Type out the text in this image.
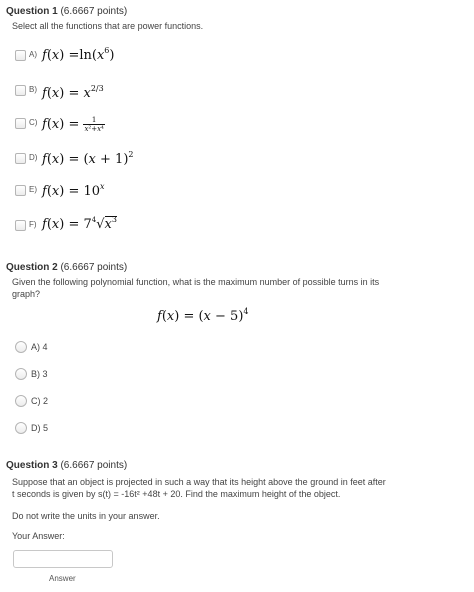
Question 1 (6.6667 points)
Select all the functions that are power functions.
A) $f(x) =\ln(x^6)$
B) $f(x) = x^{2/3}$
C) $f(x) = \frac{1}{\text{x²+x⁴}}$
D) $f(x) = (x + 1)^2$
E) $f(x) = 10^x$
F) $f(x) = 7^4√x^3$
Question 2 (6.6667 points)
Given the following polynomial function, what is the maximum number of possible turns in its graph?
$f(x) = (x - 5)^4$
A) 4
B) 3
C) 2
D) 5
Question 3 (6.6667 points)
Suppose that an object is projected in such a way that its height above the ground in feet after
t seconds is given by s(t) = -16t² +48t + 20. Find the maximum height of the object.
Do not write the units in your answer.
Your Answer:
Answer
